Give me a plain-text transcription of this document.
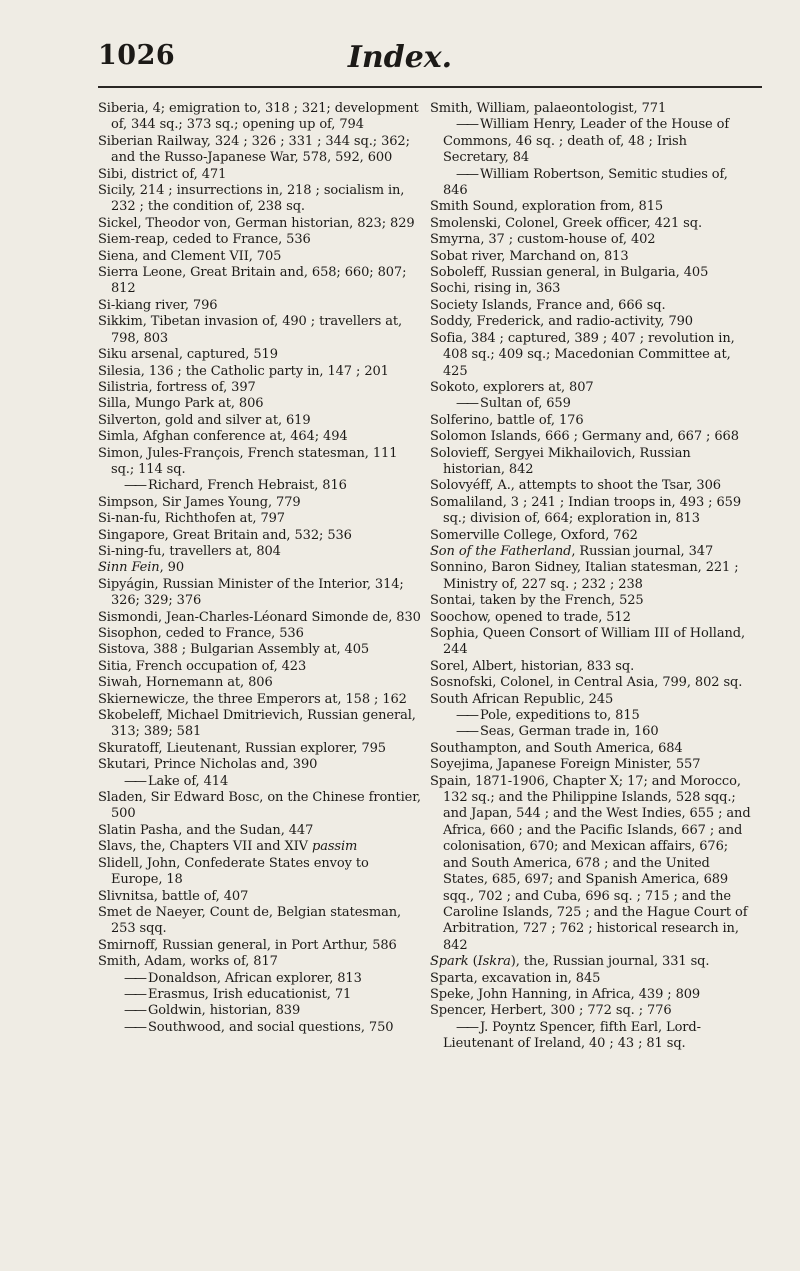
1026	Index.

Siberia, 4; emigration to, 318 ; 321; development of, 344 sq.; 373 sq.; opening up of, 794

Siberian Railway, 324 ; 326 ; 331 ; 344 sq.; 362; and the Russo-Japanese War, 578, 592, 600

Sibi, district of, 471

Sicily, 214 ; insurrections in, 218 ; socialism in, 232 ; the condition of, 238 sq.

Sickel, Theodor von, German historian, 823; 829

Siem-reap, ceded to France, 536

Siena, and Clement VII, 705

Sierra Leone, Great Britain and, 658; 660; 807; 812

Si-kiang river, 796

Sikkim, Tibetan invasion of, 490 ; travellers at, 798, 803

Siku arsenal, captured, 519

Silesia, 136 ; the Catholic party in, 147 ; 201

Silistria, fortress of, 397

Silla, Mungo Park at, 806

Silverton, gold and silver at, 619

Simla, Afghan conference at, 464; 494

Simon, Jules-François, French statesman, 111 sq.; 114 sq.

—— Richard, French Hebraist, 816

Simpson, Sir James Young, 779

Si-nan-fu, Richthofen at, 797

Singapore, Great Britain and, 532; 536

Si-ning-fu, travellers at, 804

Sinn Fein, 90

Sipyágin, Russian Minister of the Interior, 314; 326; 329; 376

Sismondi, Jean-Charles-Léonard Simonde de, 830

Sisophon, ceded to France, 536

Sistova, 388 ; Bulgarian Assembly at, 405

Sitia, French occupation of, 423

Siwah, Hornemann at, 806

Skiernewicze, the three Emperors at, 158 ; 162

Skobeleff, Michael Dmitrievich, Russian general, 313; 389; 581

Skuratoff, Lieutenant, Russian explorer, 795

Skutari, Prince Nicholas and, 390

—— Lake of, 414

Sladen, Sir Edward Bosc, on the Chinese frontier, 500

Slatin Pasha, and the Sudan, 447

Slavs, the, Chapters VII and XIV passim

Slidell, John, Confederate States envoy to Europe, 18

Slivnitsa, battle of, 407

Smet de Naeyer, Count de, Belgian statesman, 253 sqq.

Smirnoff, Russian general, in Port Arthur, 586

Smith, Adam, works of, 817

—— Donaldson, African explorer, 813

—— Erasmus, Irish educationist, 71

—— Goldwin, historian, 839

—— Southwood, and social questions, 750

Smith, William, palaeontologist, 771

—— William Henry, Leader of the House of Commons, 46 sq. ; death of, 48 ; Irish Secretary, 84

—— William Robertson, Semitic studies of, 846

Smith Sound, exploration from, 815

Smolenski, Colonel, Greek officer, 421 sq.

Smyrna, 37 ; custom-house of, 402

Sobat river, Marchand on, 813

Soboleff, Russian general, in Bulgaria, 405

Sochi, rising in, 363

Society Islands, France and, 666 sq.

Soddy, Frederick, and radio-activity, 790

Sofia, 384 ; captured, 389 ; 407 ; revolution in, 408 sq.; 409 sq.; Macedonian Committee at, 425

Sokoto, explorers at, 807

—— Sultan of, 659

Solferino, battle of, 176

Solomon Islands, 666 ; Germany and, 667 ; 668

Solovieff, Sergyei Mikhailovich, Russian historian, 842

Solovyéff, A., attempts to shoot the Tsar, 306

Somaliland, 3 ; 241 ; Indian troops in, 493 ; 659 sq.; division of, 664; exploration in, 813

Somerville College, Oxford, 762

Son of the Fatherland, Russian journal, 347

Sonnino, Baron Sidney, Italian statesman, 221 ; Ministry of, 227 sq. ; 232 ; 238

Sontai, taken by the French, 525

Soochow, opened to trade, 512

Sophia, Queen Consort of William III of Holland, 244

Sorel, Albert, historian, 833 sq.

Sosnofski, Colonel, in Central Asia, 799, 802 sq.

South African Republic, 245

—— Pole, expeditions to, 815

—— Seas, German trade in, 160

Southampton, and South America, 684

Soyejima, Japanese Foreign Minister, 557

Spain, 1871-1906, Chapter X; 17; and Morocco, 132 sq.; and the Philippine Islands, 528 sqq.; and Japan, 544 ; and the West Indies, 655 ; and Africa, 660 ; and the Pacific Islands, 667 ; and colonisation, 670; and Mexican affairs, 676; and South America, 678 ; and the United States, 685, 697; and Spanish America, 689 sqq., 702 ; and Cuba, 696 sq. ; 715 ; and the Caroline Islands, 725 ; and the Hague Court of Arbitration, 727 ; 762 ; historical research in, 842

Spark (Iskra), the, Russian journal, 331 sq.

Sparta, excavation in, 845

Speke, John Hanning, in Africa, 439 ; 809

Spencer, Herbert, 300 ; 772 sq. ; 776

—— J. Poyntz Spencer, fifth Earl, Lord-Lieutenant of Ireland, 40 ; 43 ; 81 sq.
